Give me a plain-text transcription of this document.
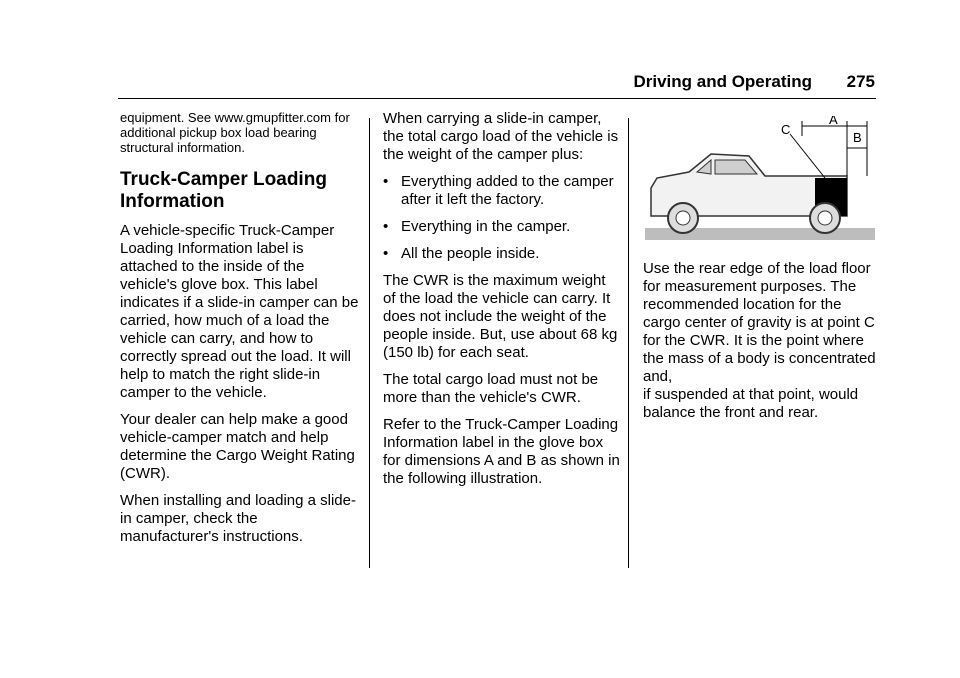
Driving and Operating 275

equipment. See www.gmupfitter.com for additional pickup box load bearing structural information.

Truck-Camper Loading Information

A vehicle-specific Truck-Camper Loading Information label is attached to the inside of the vehicle's glove box. This label indicates if a slide-in camper can be carried, how much of a load the vehicle can carry, and how to correctly spread out the load. It will help to match the right slide-in camper to the vehicle.

Your dealer can help make a good vehicle-camper match and help determine the Cargo Weight Rating (CWR).

When installing and loading a slide-in camper, check the manufacturer's instructions.

When carrying a slide-in camper, the total cargo load of the vehicle is the weight of the camper plus:

• Everything added to the camper after it left the factory.
• Everything in the camper.
• All the people inside.

The CWR is the maximum weight of the load the vehicle can carry. It does not include the weight of the people inside. But, use about 68 kg (150 lb) for each seat.

The total cargo load must not be more than the vehicle's CWR.

Refer to the Truck-Camper Loading Information label in the glove box for dimensions A and B as shown in the following illustration.

C
A
B

Use the rear edge of the load floor for measurement purposes. The recommended location for the cargo center of gravity is at point C for the CWR. It is the point where the mass of a body is concentrated and,

if suspended at that point, would balance the front and rear.
